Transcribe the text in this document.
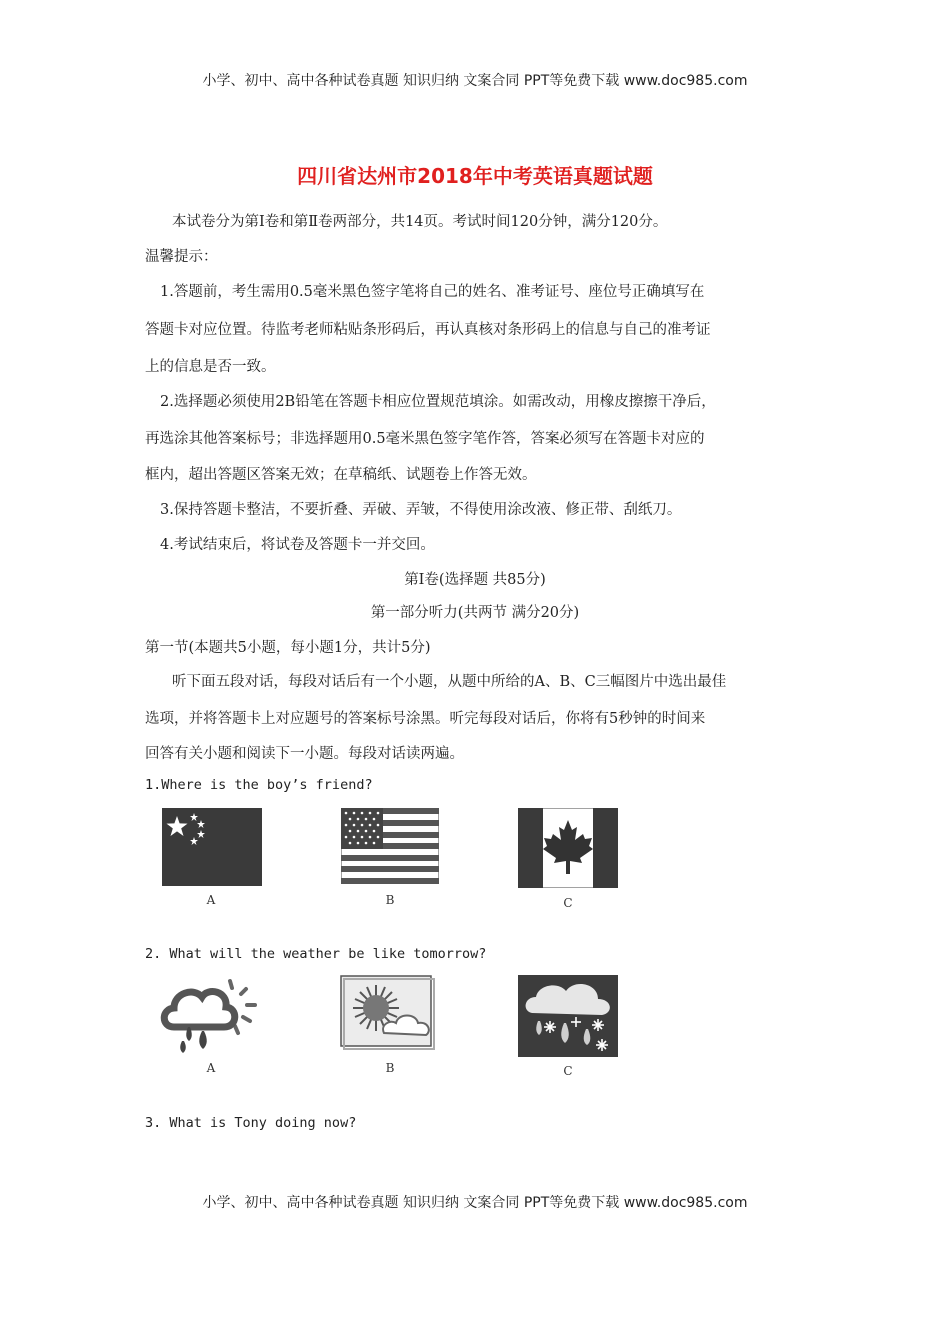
小学、初中、高中各种试卷真题 知识归纳 文案合同 PPT等免费下载 www.doc985.com
四川省达州市2018年中考英语真题试题
本试卷分为第Ⅰ卷和第Ⅱ卷两部分，共14页。考试时间120分钟，满分120分。
温馨提示：
1.答题前，考生需用0.5毫米黑色签字笔将自己的姓名、准考证号、座位号正确填写在
答题卡对应位置。待监考老师粘贴条形码后，再认真核对条形码上的信息与自己的准考证
上的信息是否一致。
2.选择题必须使用2B铅笔在答题卡相应位置规范填涂。如需改动，用橡皮擦擦干净后，
再选涂其他答案标号；非选择题用0.5毫米黑色签字笔作答，答案必须写在答题卡对应的
框内，超出答题区答案无效；在草稿纸、试题卷上作答无效。
3.保持答题卡整洁，不要折叠、弄破、弄皱，不得使用涂改液、修正带、刮纸刀。
4.考试结束后，将试卷及答题卡一并交回。
第Ⅰ卷(选择题 共85分)
第一部分听力(共两节 满分20分)
第一节(本题共5小题，每小题1分，共计5分)
听下面五段对话，每段对话后有一个小题，从题中所给的A、B、C三幅图片中选出最佳
选项，并将答题卡上对应题号的答案标号涂黑。听完每段对话后，你将有5秒钟的时间来
回答有关小题和阅读下一小题。每段对话读两遍。
1.Where is the boy’s friend?
A	B	C
2. What will the weather be like tomorrow?
A	B	C
3. What is Tony doing now?
小学、初中、高中各种试卷真题 知识归纳 文案合同 PPT等免费下载 www.doc985.com
